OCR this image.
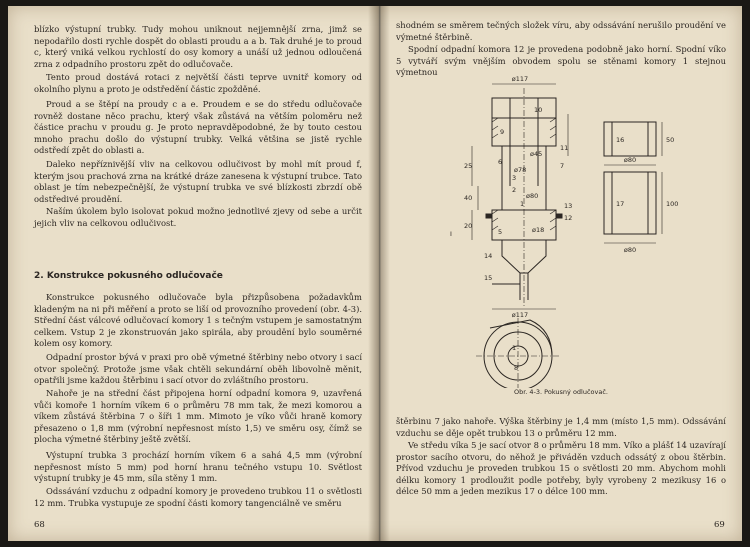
blízko výstupní trubky. Tudy mohou uniknout nejjemnější zrna, jimž se nepodařilo dosti rychle dospět do oblasti proudu a a b. Tak druhé je to proud c, který vniká velkou rychlostí do osy komory a unáší už jednou odloučená zrna z odpadního prostoru zpět do odlučovače.

Tento proud dostává rotaci z největší části teprve uvnitř komory od okolního plynu a proto je odstředění částic zpožděné.

Proud a se štěpí na proudy c a e. Proudem e se do středu odlučovače rovněž dostane něco prachu, který však zůstává na větším poloměru než částice prachu v proudu g. Je proto nepravděpodobné, že by touto cestou mnoho prachu došlo do výstupní trubky. Velká většina se jistě rychle odstředí zpět do oblasti a.

Daleko nepříznivější vliv na celkovou odlučivost by mohl mít proud f, kterým jsou prachová zrna na krátké dráze zanesena k výstupní trubce. Tato oblast je tím nebezpečnější, že výstupní trubka ve své blízkosti zbrzdí obě odstředivé proudění.

Naším úkolem bylo isolovat pokud možno jednotlivé zjevy od sebe a určit jejich vliv na celkovou odlučivost.

2. Konstrukce pokusného odlučovače

Konstrukce pokusného odlučovače byla přizpůsobena požadavkům kladeným na ni při měření a proto se liší od provozního provedení (obr. 4-3). Střední část válcové odlučovací komory 1 s tečným vstupem je samostatným celkem. Vstup 2 je zkonstruován jako spirála, aby proudění bylo souměrné kolem osy komory.

Odpadní prostor bývá v praxi pro obě výmetné štěrbiny nebo otvory i sací otvor společný. Protože jsme však chtěli sekundární oběh libovolně měnit, opatřili jsme každou štěrbinu i sací otvor do zvláštního prostoru.

Nahoře je na střední část připojena horní odpadní komora 9, uzavřená vůči komoře 1 horním víkem 6 o průměru 78 mm tak, že mezi komorou a víkem zůstává štěrbina 7 o šíři 1 mm. Mimoto je víko vůči hraně komory přesazeno o 1,8 mm (výrobní nepřesnost místo 1,5) ve směru osy, čímž se plocha výmetné štěrbiny ještě zvětší.

Výstupní trubka 3 prochází horním víkem 6 a sahá 4,5 mm (výrobní nepřesnost místo 5 mm) pod horní hranu tečného vstupu 10. Světlost výstupní trubky je 45 mm, síla stěny 1 mm.

Odssávání vzduchu z odpadní komory je provedeno trubkou 11 o světlosti 12 mm. Trubka vystupuje ze spodní části komory tangenciálně ve směru

68

shodném se směrem tečných složek víru, aby odssávání nerušilo proudění ve výmetné štěrbině.

Spodní odpadní komora 12 je provedena podobně jako horní. Spodní víko 5 vytváří svým vnějším obvodem spolu se stěnami komory 1 stejnou výmetnou

ø117
9
10
11
6	7
ø45
3
2
ø78
1
ø80
5	ø18
13
12
14
15
ø117
I
16
17
ø80
ø80
50
100
25
40
20
1
8

Obr. 4-3. Pokusný odlučovač.

štěrbinu 7 jako nahoře. Výška štěrbiny je 1,4 mm (místo 1,5 mm). Odssávání vzduchu se děje opět trubkou 13 o průměru 12 mm.

Ve středu víka 5 je sací otvor 8 o průměru 18 mm. Víko a plášť 14 uzavírají prostor sacího otvoru, do něhož je přiváděn vzduch odssátý z obou štěrbin. Přívod vzduchu je proveden trubkou 15 o světlosti 20 mm. Abychom mohli délku komory 1 prodloužit podle potřeby, byly vyrobeny 2 mezikusy 16 o délce 50 mm a jeden mezikus 17 o délce 100 mm.

69
